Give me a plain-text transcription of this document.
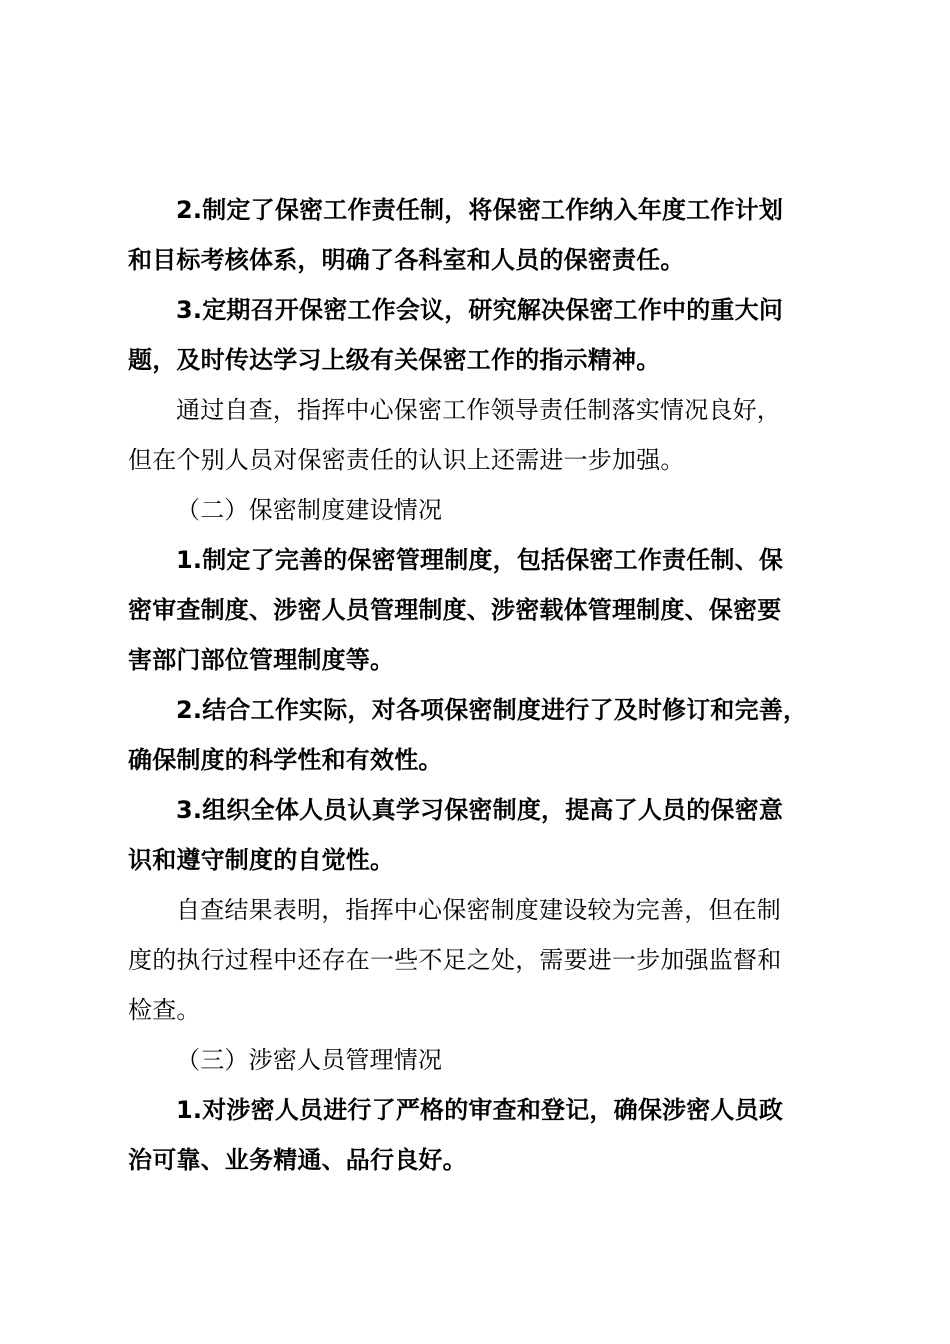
2.制定了保密工作责任制，将保密工作纳入年度工作计划
和目标考核体系，明确了各科室和人员的保密责任。

3.定期召开保密工作会议，研究解决保密工作中的重大问
题，及时传达学习上级有关保密工作的指示精神。

通过自查，指挥中心保密工作领导责任制落实情况良好，
但在个别人员对保密责任的认识上还需进一步加强。

（二）保密制度建设情况

1.制定了完善的保密管理制度，包括保密工作责任制、保
密审查制度、涉密人员管理制度、涉密载体管理制度、保密要
害部门部位管理制度等。

2.结合工作实际，对各项保密制度进行了及时修订和完善，
确保制度的科学性和有效性。

3.组织全体人员认真学习保密制度，提高了人员的保密意
识和遵守制度的自觉性。

自查结果表明，指挥中心保密制度建设较为完善，但在制
度的执行过程中还存在一些不足之处，需要进一步加强监督和
检查。

（三）涉密人员管理情况

1.对涉密人员进行了严格的审查和登记，确保涉密人员政
治可靠、业务精通、品行良好。
